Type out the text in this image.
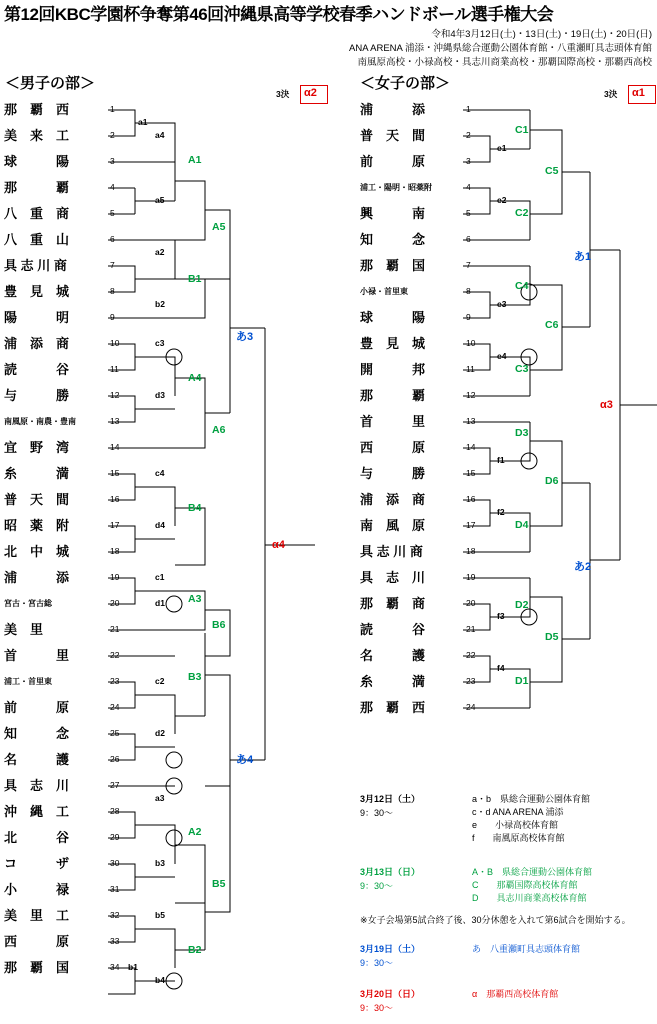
第12回KBC学園杯争奪第46回沖縄県高等学校春季ハンドボール選手権大会
令和4年3月12日(土)・13日(土)・19日(土)・20日(日)
ANA ARENA 浦添・沖縄県総合運動公園体育館・八重瀬町具志頭体育館
南風原高校・小禄高校・具志川商業高校・那覇国際高校・那覇西高校
＜男子の部＞	＜女子の部＞
3決 α2	3決 α1
那　覇　西	1
美　来　工	2
球　　　陽	3
那　　　覇	4
八　重　商	5
八　重　山	6
具 志 川 商	7
豊　見　城	8
陽　　　明	9
浦　添　商	10
読　　　谷	11
与　　　勝	12
南風原・南農・豊南	13
宜　野　湾	14
糸　　　満	15
普　天　間	16
昭　薬　附	17
北　中　城	18
浦　　　添	19
宮古・宮古総	20
美　里	21
首　　　里	22
浦工・首里東	23
前　　　原	24
知　　　念	25
名　　　護	26
具　志　川	27
沖　縄　工	28
北　　　谷	29
コ　　　ザ	30
小　　　禄	31
美　里　工	32
西　　　原	33
那　覇　国	34
浦　　　添	1
普　天　間	2
前　　　原	3
浦工・陽明・昭薬附	4
興　　　南	5
知　　　念	6
那　覇　国	7
小禄・首里東	8
球　　　陽	9
豊　見　城	10
開　　　邦	11
那　　　覇	12
首　　　里	13
西　　　原	14
与　　　勝	15
浦　添　商	16
南　風　原	17
具 志 川 商	18
具　志　川	19
那　覇　商	20
読　　　谷	21
名　　　護	22
糸　　　満	23
那　覇　西	24
a1
a4
a5
a2
b2
c3
d3
c4
d4
c1
d1
c2
d2
a3
b3
b5
b1
b4
A1
A5
B1
A4
A6
B4
A3
B6
B3
A2
B2
B5
あ3
あ4
α4
e1
e2
e3
e4
f1
f2
f3
f4
C1
C5
C2
C4
C6
C3
D3
D6
D4
D2
D5
D1
あ1
あ2
α3
3月12日（土）
9：30〜
a・b　県総合運動公園体育館
c・d ANA ARENA 浦添
e　　小禄高校体育館
f　　南風原高校体育館
3月13日（日）
9：30〜
A・B　県総合運動公園体育館
C　　那覇国際高校体育館
D　　具志川商業高校体育館
3月19日（土）
9：30〜
あ　八重瀬町具志頭体育館
3月20日（日）
9：30〜
α　那覇西高校体育館
※女子会場第5試合終了後、30分休憩を入れて第6試合を開始する。
